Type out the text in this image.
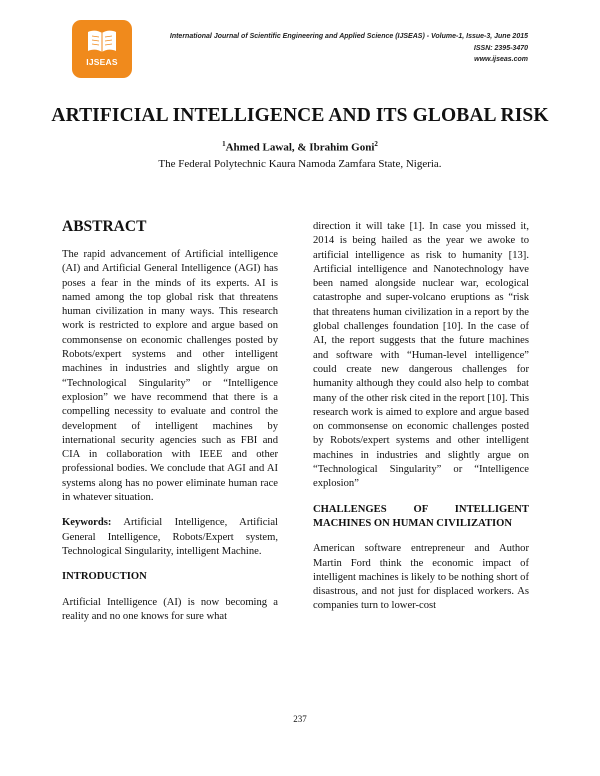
IJSEAS
International Journal of Scientific Engineering and Applied Science (IJSEAS) - Volume-1, Issue-3, June 2015
ISSN: 2395-3470
www.ijseas.com
ARTIFICIAL INTELLIGENCE AND ITS GLOBAL RISK
$^1$Ahmed Lawal, & Ibrahim Goni$^2$
The Federal Polytechnic Kaura Namoda Zamfara State, Nigeria.
ABSTRACT

The rapid advancement of Artificial intelligence (AI) and Artificial General Intelligence (AGI) has poses a fear in the minds of its experts. AI is named among the top global risk that threatens human civilization in many ways. This research work is restricted to explore and argue based on commonsense on economic challenges posted by Robots/expert systems and other intelligent machines in industries and slightly argue on “Technological Singularity” or “Intelligence explosion” we have recommend that there is a compelling necessity to evaluate and control the development of intelligent machines by international security agencies such as FBI and CIA in collaboration with IEEE and other professional bodies. We conclude that AGI and AI systems along has no power eliminate human race in whatever situation.

Keywords: Artificial Intelligence, Artificial General Intelligence, Robots/Expert system, Technological Singularity, intelligent Machine.

INTRODUCTION

Artificial Intelligence (AI) is now becoming a reality and no one knows for sure what

direction it will take [1]. In case you missed it, 2014 is being hailed as the year we awoke to artificial intelligence as risk to humanity [13]. Artificial intelligence and Nanotechnology have been named alongside nuclear war, ecological catastrophe and super-volcano eruptions as “risk that threatens human civilization in a report by the global challenges foundation [10]. In the case of AI, the report suggests that the future machines and software with “Human-level intelligence” could create new dangerous challenges for humanity although they could also help to combat many of the other risk cited in the report [10]. This research work is aimed to explore and argue based on commonsense on economic challenges posted by Robots/expert systems and other intelligent machines in industries and slightly argue on “Technological Singularity” or “Intelligence explosion”

CHALLENGES OF INTELLIGENT MACHINES ON HUMAN CIVILIZATION

American software entrepreneur and Author Martin Ford think the economic impact of intelligent machines is likely to be nothing short of disastrous, and not just for displaced workers. As companies turn to lower-cost

237
